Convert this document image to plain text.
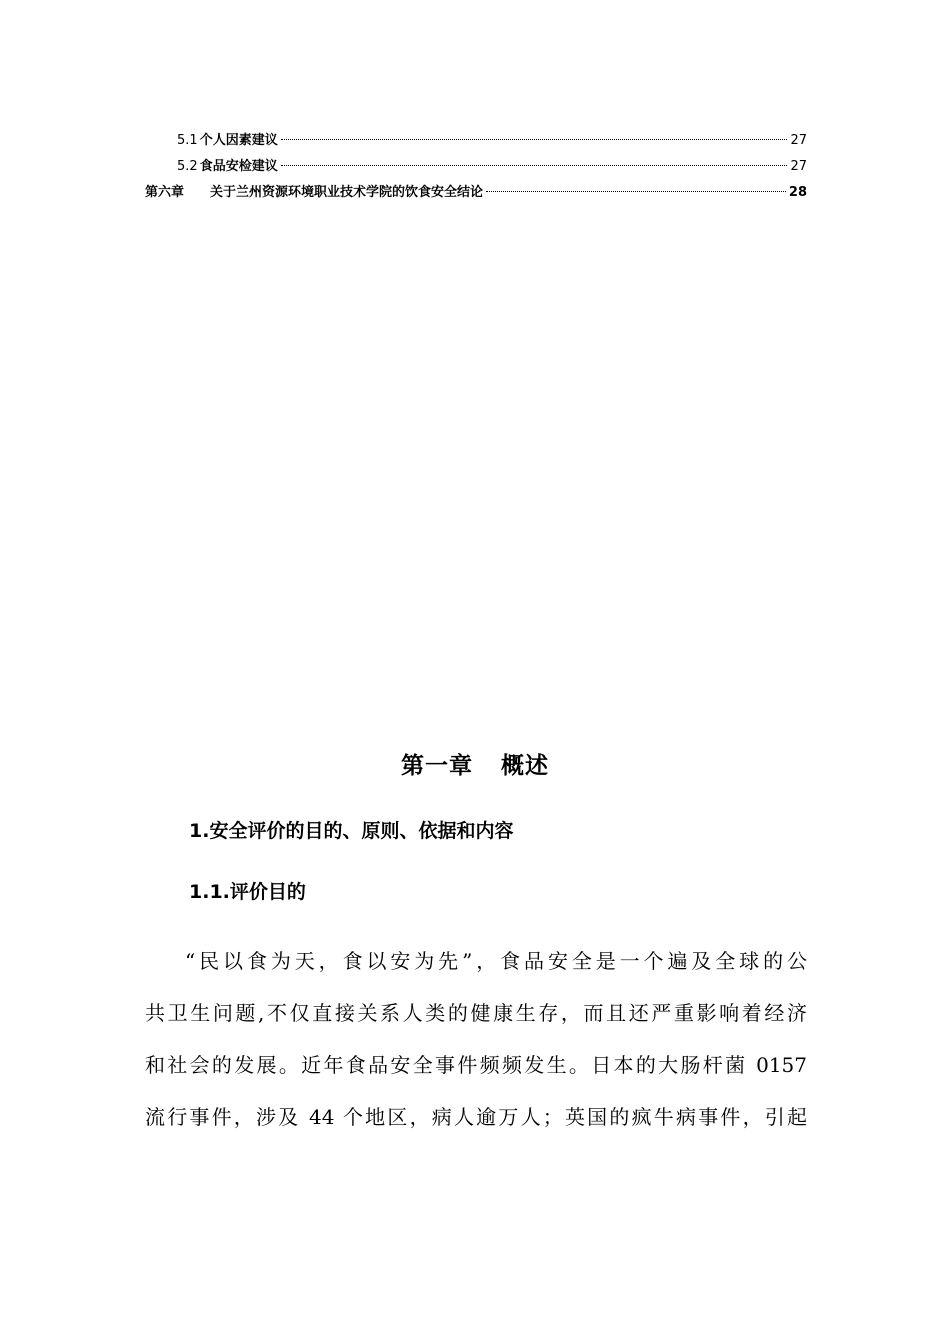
5.1 个人因素建议	27
5.2 食品安检建议	27
第六章 关于兰州资源环境职业技术学院的饮食安全结论	28
第一章 概述
1.安全评价的目的、原则、依据和内容
1.1.评价目的
“民以食为天，食以安为先”，食品安全是一个遍及全球的公
共卫生问题,不仅直接关系人类的健康生存，而且还严重影响着经济
和社会的发展。近年食品安全事件频频发生。日本的大肠杆菌 0157
流行事件，涉及 44 个地区，病人逾万人；英国的疯牛病事件，引起
